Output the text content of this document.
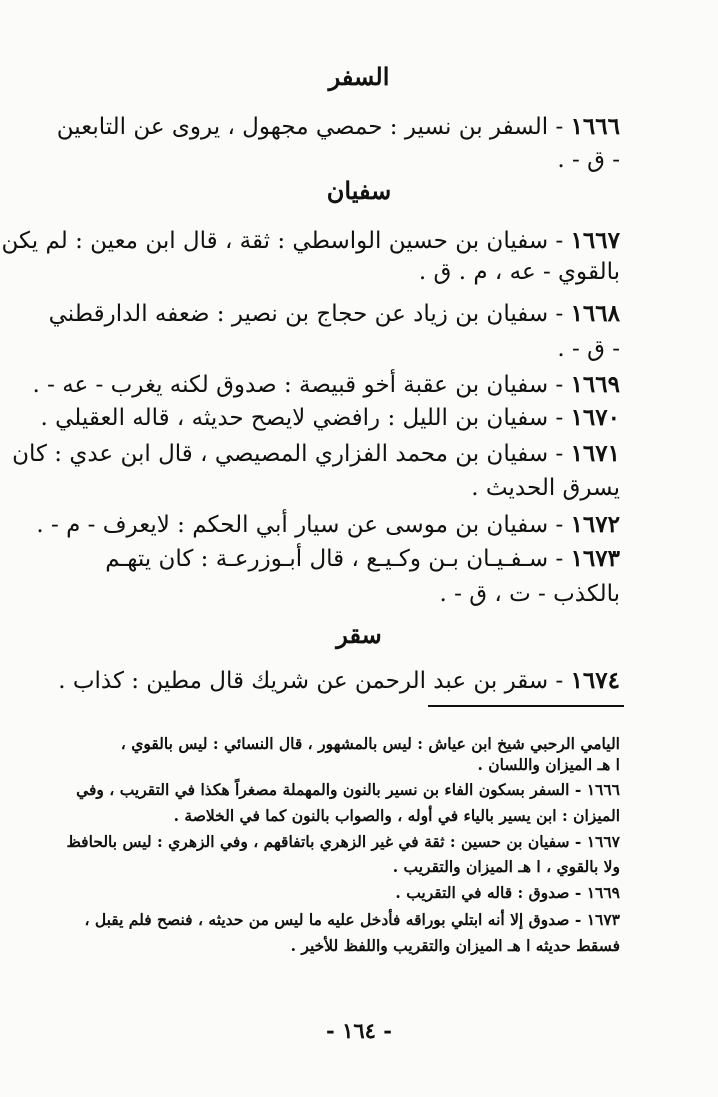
السفر
١٦٦٦ - السفر بن نسير : حمصي مجهول ، يروى عن التابعين
- ق - .
سفيان
١٦٦٧ - سفيان بن حسين الواسطي : ثقة ، قال ابن معين : لم يكن
بالقوي - عه ، م . ق .
١٦٦٨ - سفيان بن زياد عن حجاج بن نصير : ضعفه الدارقطني
- ق - .
١٦٦٩ - سفيان بن عقبة أخو قبيصة : صدوق لكنه يغرب - عه - .
١٦٧٠ - سفيان بن الليل : رافضي لايصح حديثه ، قاله العقيلي .
١٦٧١ - سفيان بن محمد الفزاري المصيصي ، قال ابن عدي : كان
يسرق الحديث .
١٦٧٢ - سفيان بن موسى عن سيار أبي الحكم : لايعرف - م - .
١٦٧٣ - سـفـيـان بـن وكـيـع ، قال أبـوزرعـة : كان يتهـم
بالكذب - ت ، ق - .
سقر
١٦٧٤ - سقر بن عبد الرحمن عن شريك قال مطين : كذاب .
اليامي الرحبي شيخ ابن عياش : ليس بالمشهور ، قال النسائي : ليس بالقوي ،
ا هـ الميزان واللسان .
١٦٦٦ - السفر بسكون الفاء بن نسير بالنون والمهملة مصغراً هكذا في التقريب ، وفي
الميزان : ابن يسير بالياء في أوله ، والصواب بالنون كما في الخلاصة .
١٦٦٧ - سفيان بن حسين : ثقة في غير الزهري باتفاقهم ، وفي الزهري : ليس بالحافظ
ولا بالقوي ، ا هـ الميزان والتقريب .
١٦٦٩ - صدوق : قاله في التقريب .
١٦٧٣ - صدوق إلا أنه ابتلي بوراقه فأدخل عليه ما ليس من حديثه ، فنصح فلم يقبل ،
فسقط حديثه ا هـ الميزان والتقريب واللفظ للأخير .
- ١٦٤ -
